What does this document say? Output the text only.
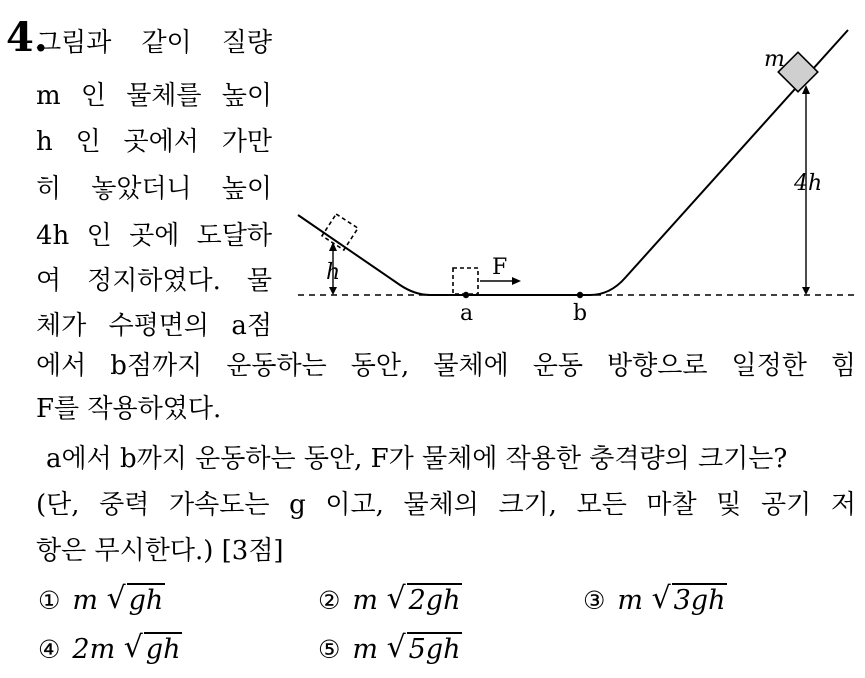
4.
그림과 같이 질량
m 인 물체를 높이
h 인 곳에서 가만
히 놓았더니 높이
4h 인 곳에 도달하
여 정지하였다. 물
체가 수평면의 a점
에서 b점까지 운동하는 동안, 물체에 운동 방향으로 일정한 힘
F를 작용하였다.
a에서 b까지 운동하는 동안, F가 물체에 작용한 충격량의 크기는?
(단, 중력 가속도는 g 이고, 물체의 크기, 모든 마찰 및 공기 저
항은 무시한다.) [3점]
h	F
a	b
m
4h
① m √ gh	② m √ 2gh	③ m √ 3gh
④ 2m √ gh	⑤ m √ 5gh
